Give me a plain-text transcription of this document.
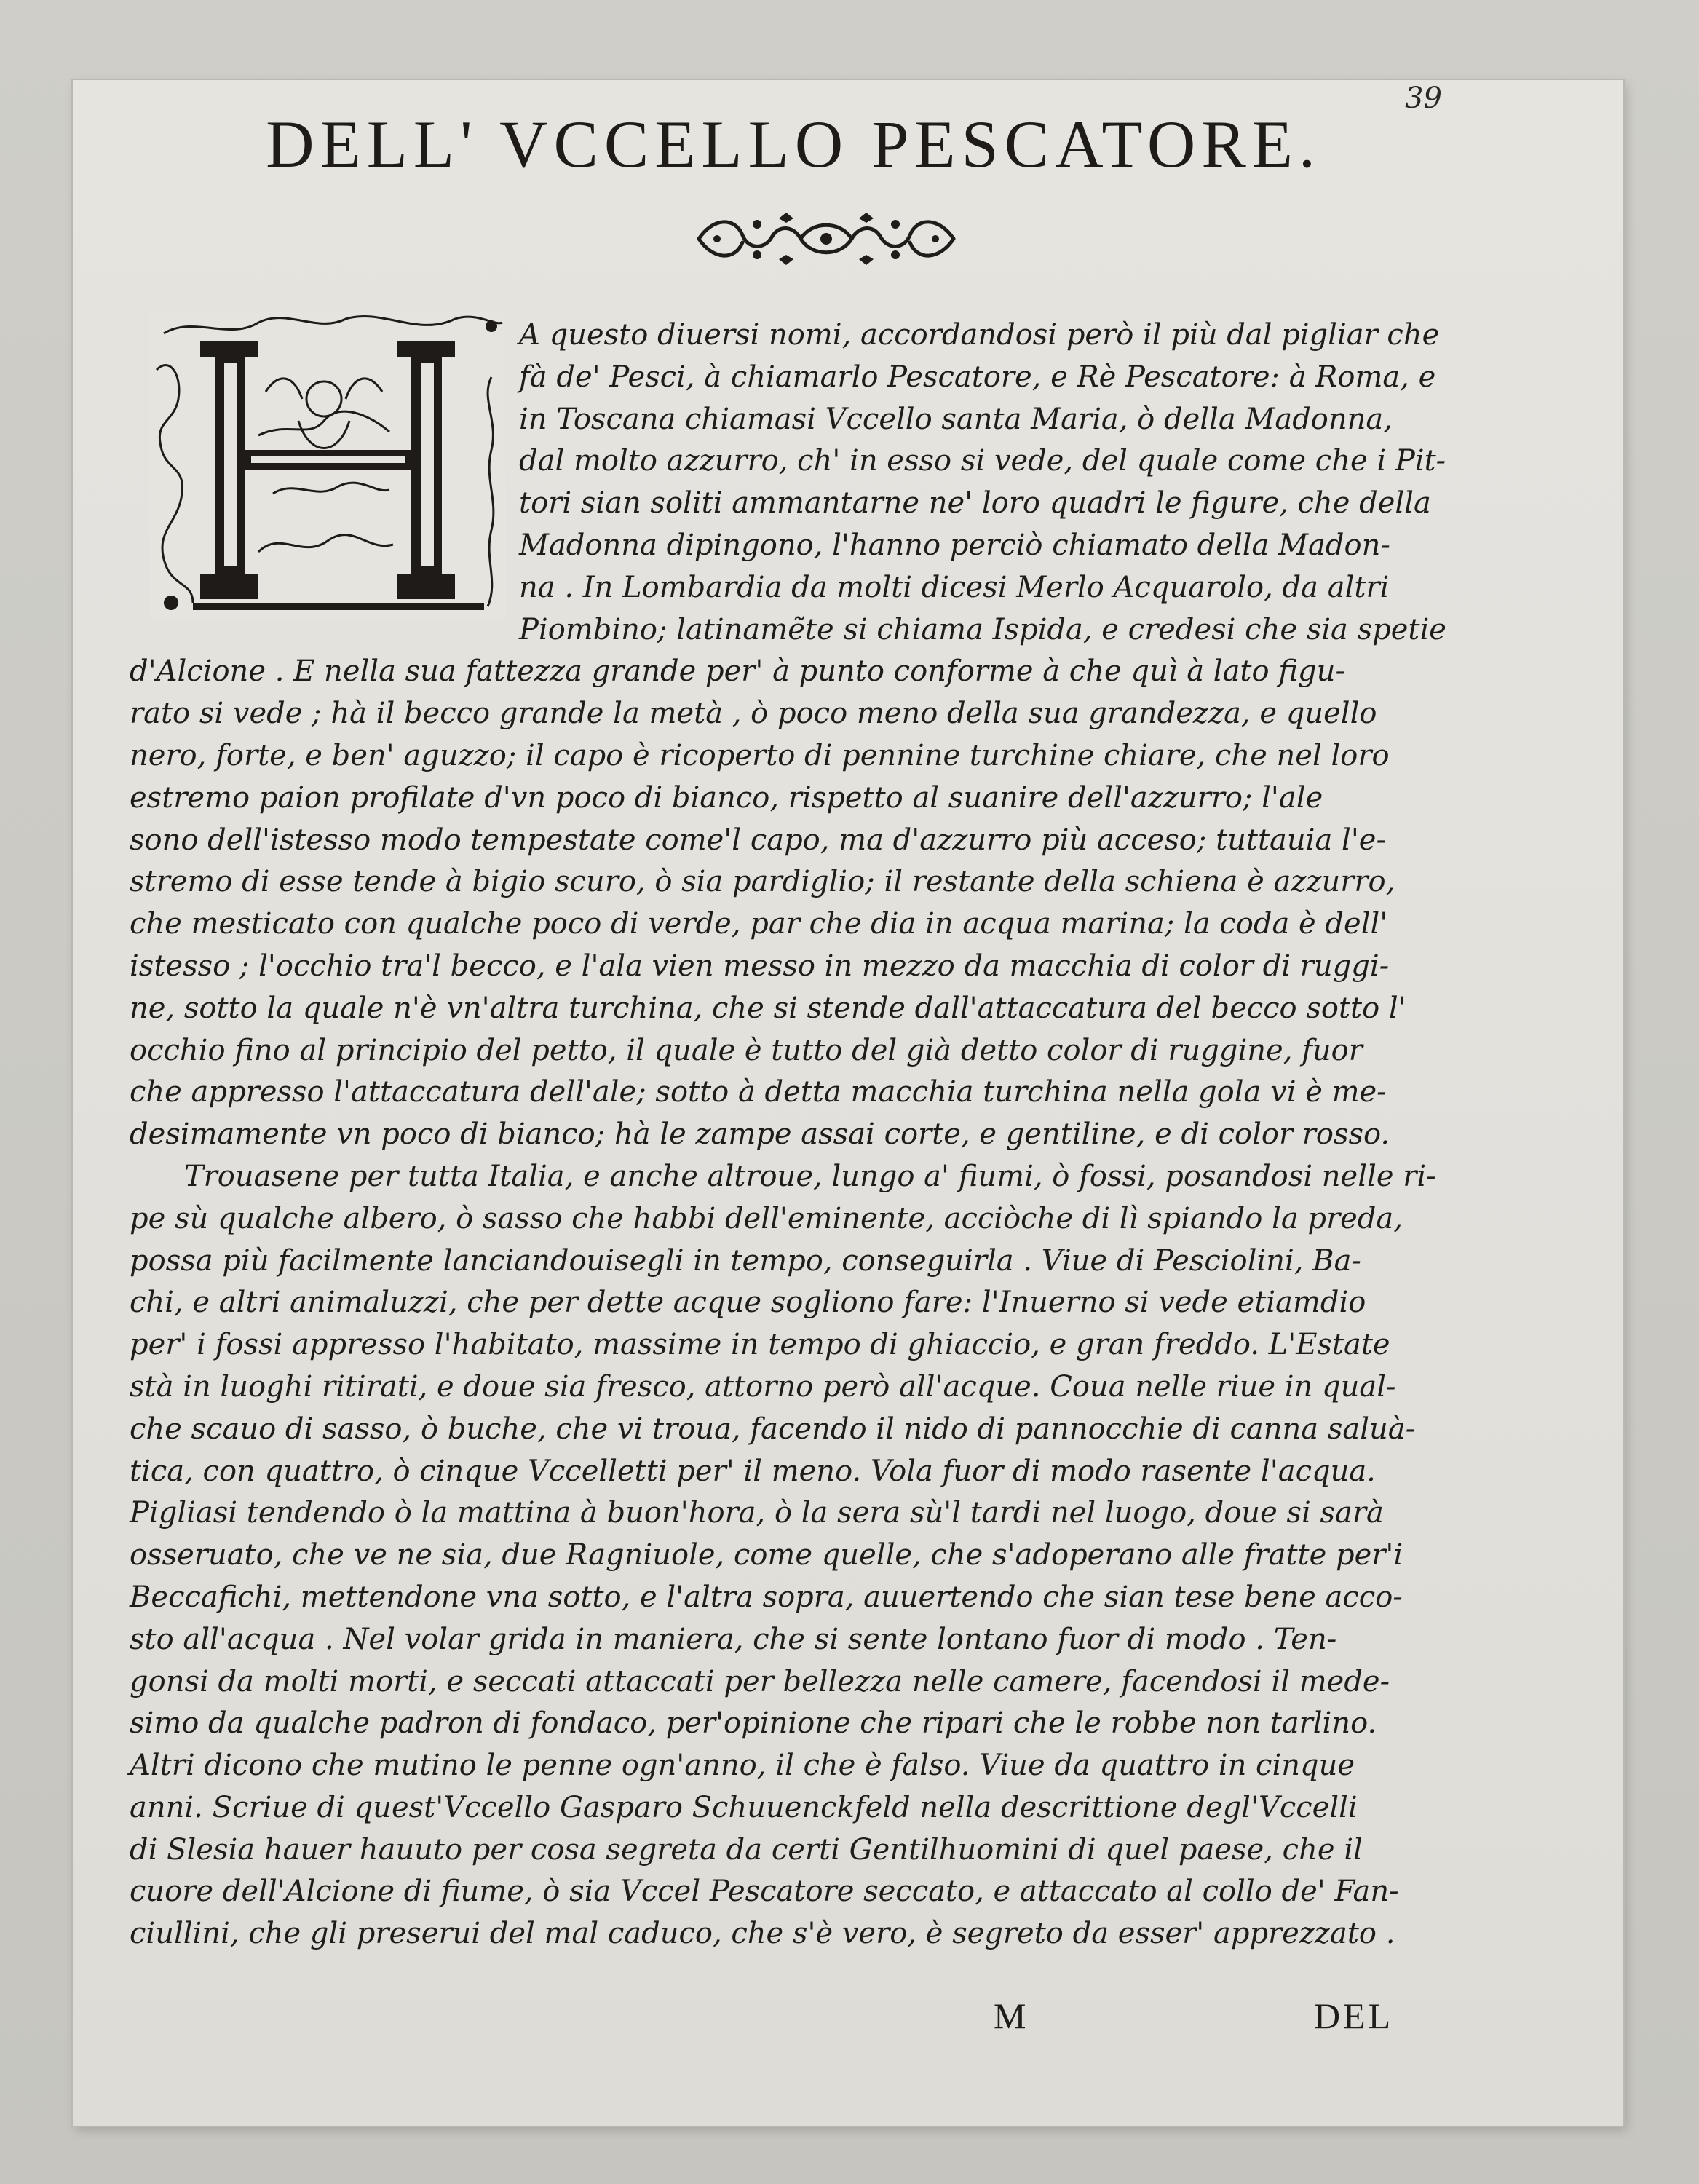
39
DELL' VCCELLO PESCATORE.
A questo diuersi nomi, accordandosi però il più dal pigliar che
fà de' Pesci, à chiamarlo Pescatore, e Rè Pescatore: à Roma, e
in Toscana chiamasi Vccello santa Maria, ò della Madonna,
dal molto azzurro, ch' in esso si vede, del quale come che i Pit-
tori sian soliti ammantarne ne' loro quadri le figure, che della
Madonna dipingono, l'hanno perciò chiamato della Madon-
na . In Lombardia da molti dicesi Merlo Acquarolo, da altri
Piombino; latinamẽte si chiama Ispida, e credesi che sia spetie
d'Alcione . E nella sua fattezza grande per' à punto conforme à che quì à lato figu-
rato si vede ; hà il becco grande la metà , ò poco meno della sua grandezza, e quello
nero, forte, e ben' aguzzo; il capo è ricoperto di pennine turchine chiare, che nel loro
estremo paion profilate d'vn poco di bianco, rispetto al suanire dell'azzurro; l'ale
sono dell'istesso modo tempestate come'l capo, ma d'azzurro più acceso; tuttauia l'e-
stremo di esse tende à bigio scuro, ò sia pardiglio; il restante della schiena è azzurro,
che mesticato con qualche poco di verde, par che dia in acqua marina; la coda è dell'
istesso ; l'occhio tra'l becco, e l'ala vien messo in mezzo da macchia di color di ruggi-
ne, sotto la quale n'è vn'altra turchina, che si stende dall'attaccatura del becco sotto l'
occhio fino al principio del petto, il quale è tutto del già detto color di ruggine, fuor
che appresso l'attaccatura dell'ale; sotto à detta macchia turchina nella gola vi è me-
desimamente vn poco di bianco; hà le zampe assai corte, e gentiline, e di color rosso.
Trouasene per tutta Italia, e anche altroue, lungo a' fiumi, ò fossi, posandosi nelle ri-
pe sù qualche albero, ò sasso che habbi dell'eminente, acciòche di lì spiando la preda,
possa più facilmente lanciandouisegli in tempo, conseguirla . Viue di Pesciolini, Ba-
chi, e altri animaluzzi, che per dette acque sogliono fare: l'Inuerno si vede etiamdio
per' i fossi appresso l'habitato, massime in tempo di ghiaccio, e gran freddo. L'Estate
stà in luoghi ritirati, e doue sia fresco, attorno però all'acque. Coua nelle riue in qual-
che scauo di sasso, ò buche, che vi troua, facendo il nido di pannocchie di canna saluà-
tica, con quattro, ò cinque Vccelletti per' il meno. Vola fuor di modo rasente l'acqua.
Pigliasi tendendo ò la mattina à buon'hora, ò la sera sù'l tardi nel luogo, doue si sarà
osseruato, che ve ne sia, due Ragniuole, come quelle, che s'adoperano alle fratte per'i
Beccafichi, mettendone vna sotto, e l'altra sopra, auuertendo che sian tese bene acco-
sto all'acqua . Nel volar grida in maniera, che si sente lontano fuor di modo . Ten-
gonsi da molti morti, e seccati attaccati per bellezza nelle camere, facendosi il mede-
simo da qualche padron di fondaco, per'opinione che ripari che le robbe non tarlino.
Altri dicono che mutino le penne ogn'anno, il che è falso. Viue da quattro in cinque
anni. Scriue di quest'Vccello Gasparo Schuuenckfeld nella descrittione degl'Vccelli
di Slesia hauer hauuto per cosa segreta da certi Gentilhuomini di quel paese, che il
cuore dell'Alcione di fiume, ò sia Vccel Pescatore seccato, e attaccato al collo de' Fan-
ciullini, che gli preserui del mal caduco, che s'è vero, è segreto da esser' apprezzato .
M	DEL
